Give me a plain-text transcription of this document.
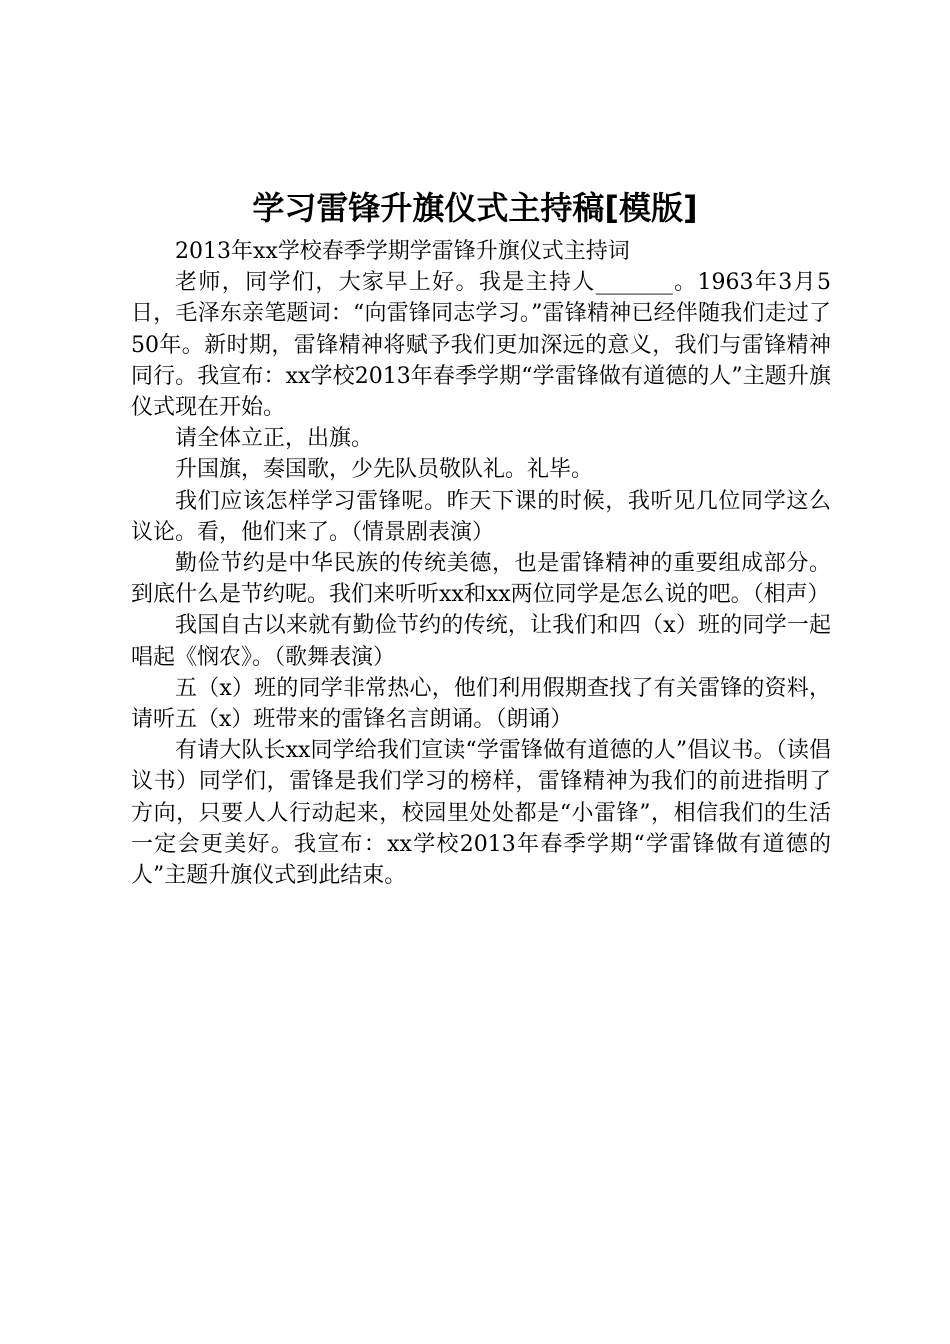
学习雷锋升旗仪式主持稿[模版]

2013年xx学校春季学期学雷锋升旗仪式主持词

老师，同学们，大家早上好。我是主持人_______。1963年3月5日，毛泽东亲笔题词：“向雷锋同志学习。”雷锋精神已经伴随我们走过了50年。新时期，雷锋精神将赋予我们更加深远的意义，我们与雷锋精神同行。我宣布：xx学校2013年春季学期“学雷锋做有道德的人”主题升旗仪式现在开始。

请全体立正，出旗。

升国旗，奏国歌，少先队员敬队礼。礼毕。

我们应该怎样学习雷锋呢。昨天下课的时候，我听见几位同学这么议论。看，他们来了。（情景剧表演）

勤俭节约是中华民族的传统美德，也是雷锋精神的重要组成部分。到底什么是节约呢。我们来听听xx和xx两位同学是怎么说的吧。（相声）

我国自古以来就有勤俭节约的传统，让我们和四（x）班的同学一起唱起《悯农》。（歌舞表演）

五（x）班的同学非常热心，他们利用假期查找了有关雷锋的资料，请听五（x）班带来的雷锋名言朗诵。（朗诵）

有请大队长xx同学给我们宣读“学雷锋做有道德的人”倡议书。（读倡议书）同学们，雷锋是我们学习的榜样，雷锋精神为我们的前进指明了方向，只要人人行动起来，校园里处处都是“小雷锋”，相信我们的生活一定会更美好。我宣布：xx学校2013年春季学期“学雷锋做有道德的人”主题升旗仪式到此结束。
